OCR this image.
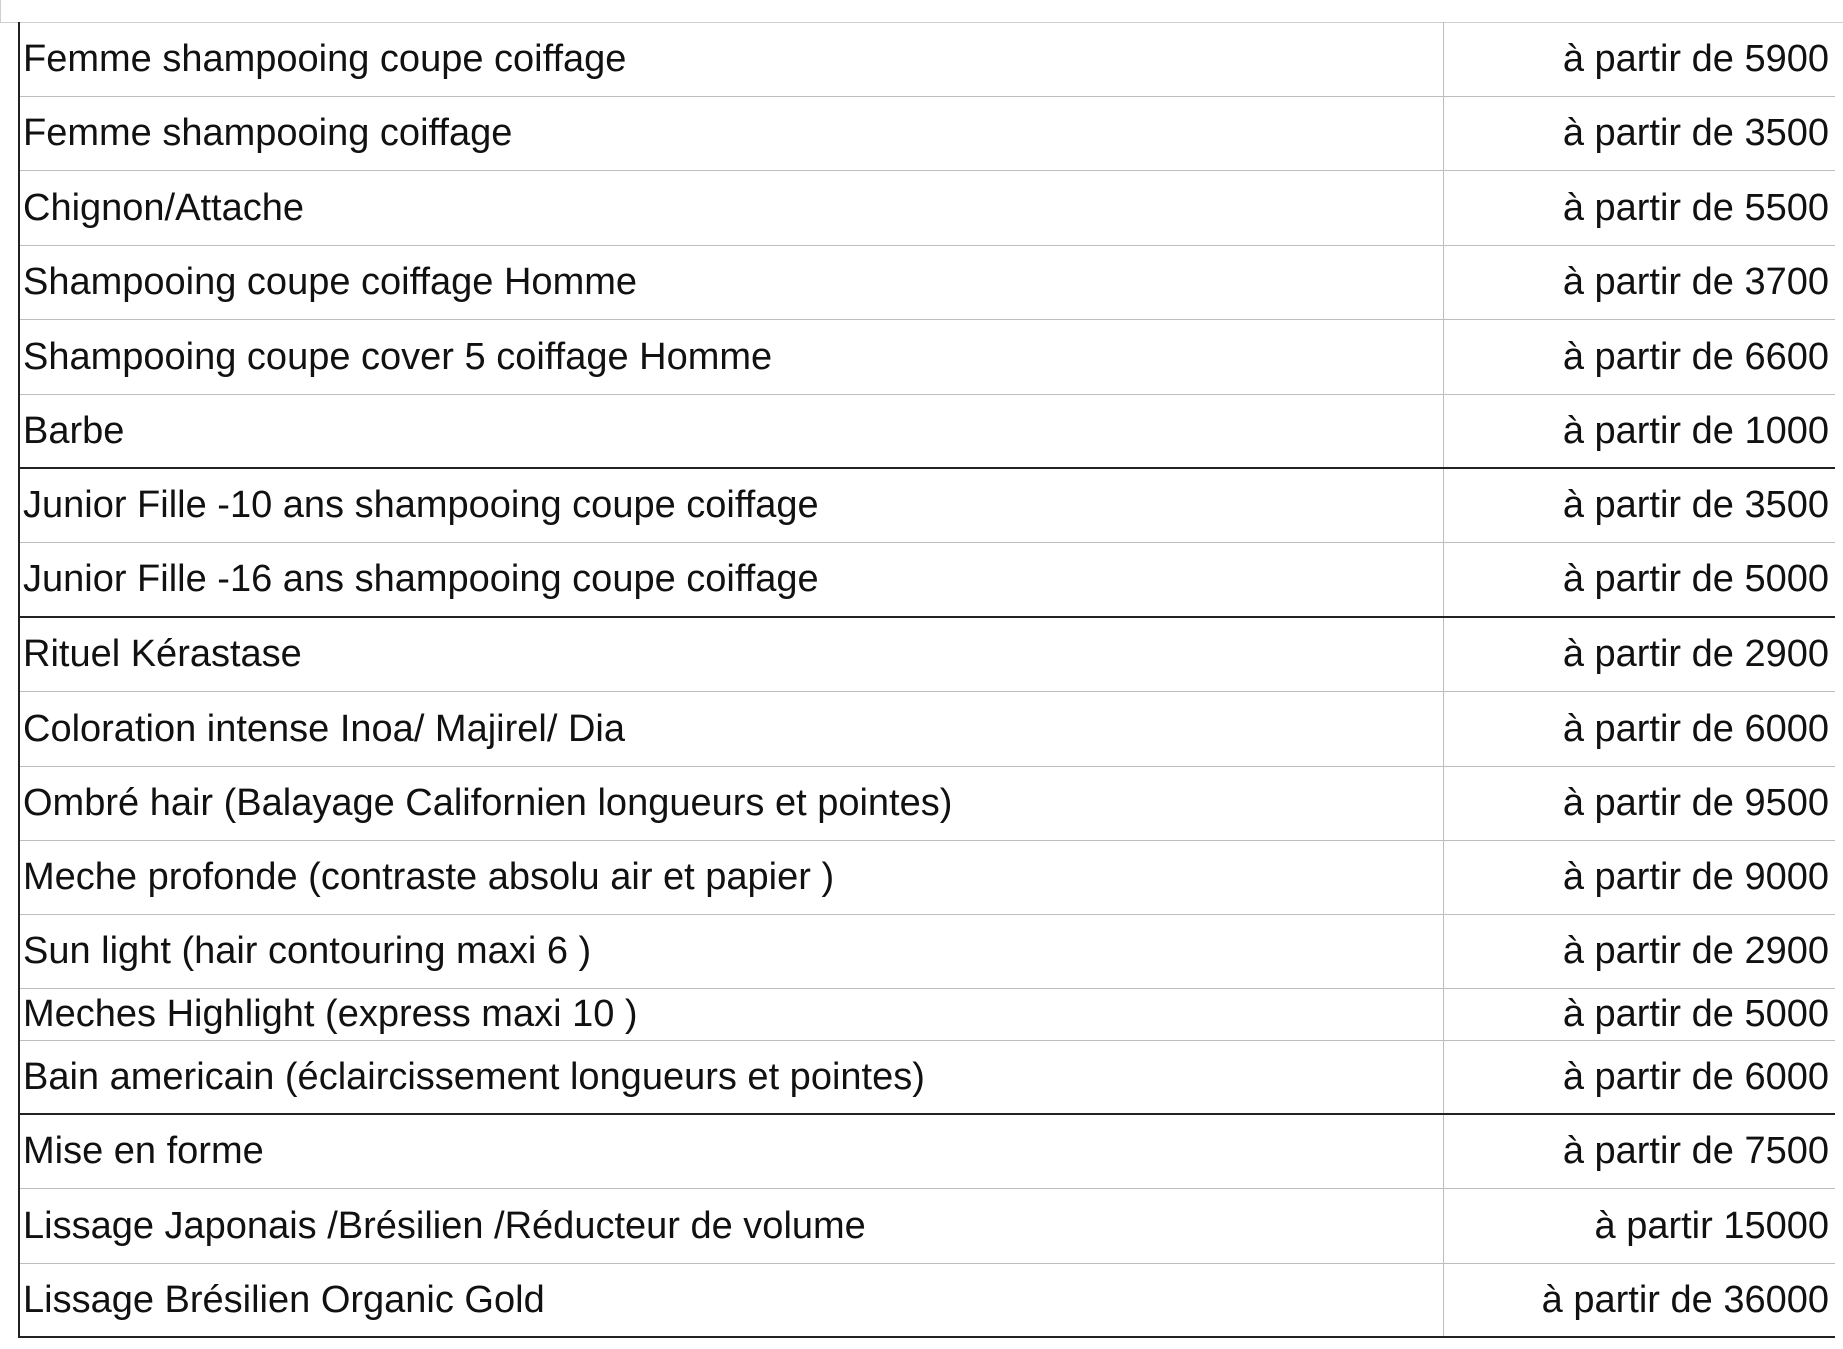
Femme shampooing coupe coiffage	à partir de 5900
Femme shampooing coiffage	à partir de 3500
Chignon/Attache	à partir de 5500
Shampooing coupe coiffage Homme	à partir de 3700
Shampooing coupe cover 5 coiffage Homme	à partir de 6600
Barbe	à partir de 1000
Junior Fille -10 ans shampooing coupe coiffage	à partir de 3500
Junior Fille -16 ans shampooing coupe coiffage	à partir de 5000
Rituel Kérastase	à partir de 2900
Coloration intense Inoa/ Majirel/ Dia	à partir de 6000
Ombré hair (Balayage Californien longueurs et pointes)	à partir de 9500
Meche profonde (contraste absolu air et papier )	à partir de 9000
Sun light (hair contouring maxi 6 )	à partir de 2900
Meches Highlight (express maxi 10 )	à partir de 5000
Bain americain (éclaircissement longueurs et pointes)	à partir de 6000
Mise en forme	à partir de 7500
Lissage Japonais /Brésilien /Réducteur de volume	à partir 15000
Lissage Brésilien Organic Gold	à partir de 36000
